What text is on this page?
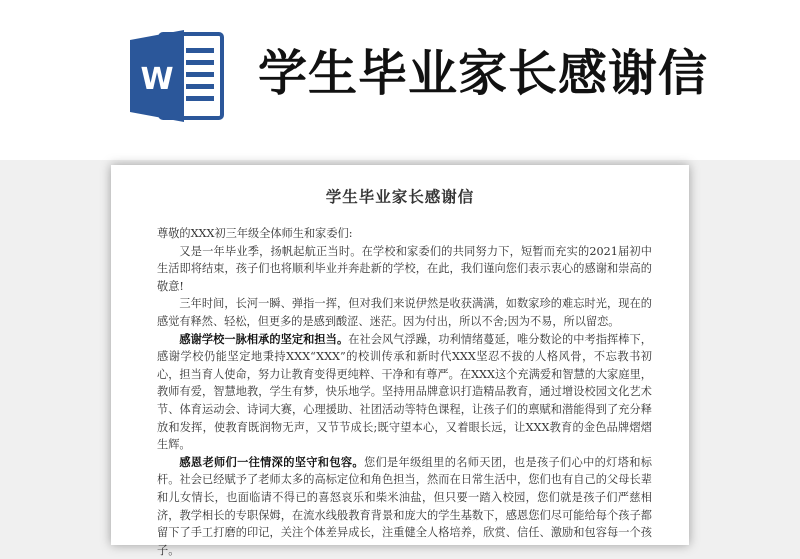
W 学生毕业家长感谢信
学生毕业家长感谢信

尊敬的XXX初三年级全体师生和家委们:

又是一年毕业季，扬帆起航正当时。在学校和家委们的共同努力下，短暂而充实的2021届初中生活即将结束，孩子们也将顺利毕业并奔赴新的学校，在此，我们谨向您们表示衷心的感谢和崇高的敬意!

三年时间，长河一瞬、弹指一挥，但对我们来说伊然是收获满满，如数家珍的难忘时光，现在的感觉有释然、轻松，但更多的是感到酸涩、迷茫。因为付出，所以不舍;因为不易，所以留恋。

感谢学校一脉相承的坚定和担当。在社会风气浮躁，功利情绪蔓延，唯分数论的中考指挥棒下，感谢学校仍能坚定地秉持XXX“XXX”的校训传承和新时代XXX坚忍不拔的人格风骨，不忘教书初心，担当育人使命，努力让教育变得更纯粹、干净和有尊严。在XXX这个充满爱和智慧的大家庭里，教师有爱，智慧地教，学生有梦，快乐地学。坚持用品牌意识打造精品教育，通过增设校园文化艺术节、体育运动会、诗词大赛，心理援助、社团活动等特色课程，让孩子们的禀赋和潜能得到了充分释放和发挥，使教育既润物无声，又节节成长;既守望本心，又着眼长远，让XXX教育的金色品牌熠熠生辉。

感恩老师们一往情深的坚守和包容。您们是年级组里的名师天团，也是孩子们心中的灯塔和标杆。社会已经赋予了老师太多的高标定位和角色担当，然而在日常生活中，您们也有自己的父母长辈和儿女情长，也面临请不得已的喜怒哀乐和柴米油盐，但只要一踏入校园，您们就是孩子们严慈相济，教学相长的专职保姆，在流水线般教育背景和庞大的学生基数下，感恩您们尽可能给每个孩子都留下了手工打磨的印记，关注个体差异成长，注重健全人格培养，欣赏、信任、激励和包容每一个孩子。
